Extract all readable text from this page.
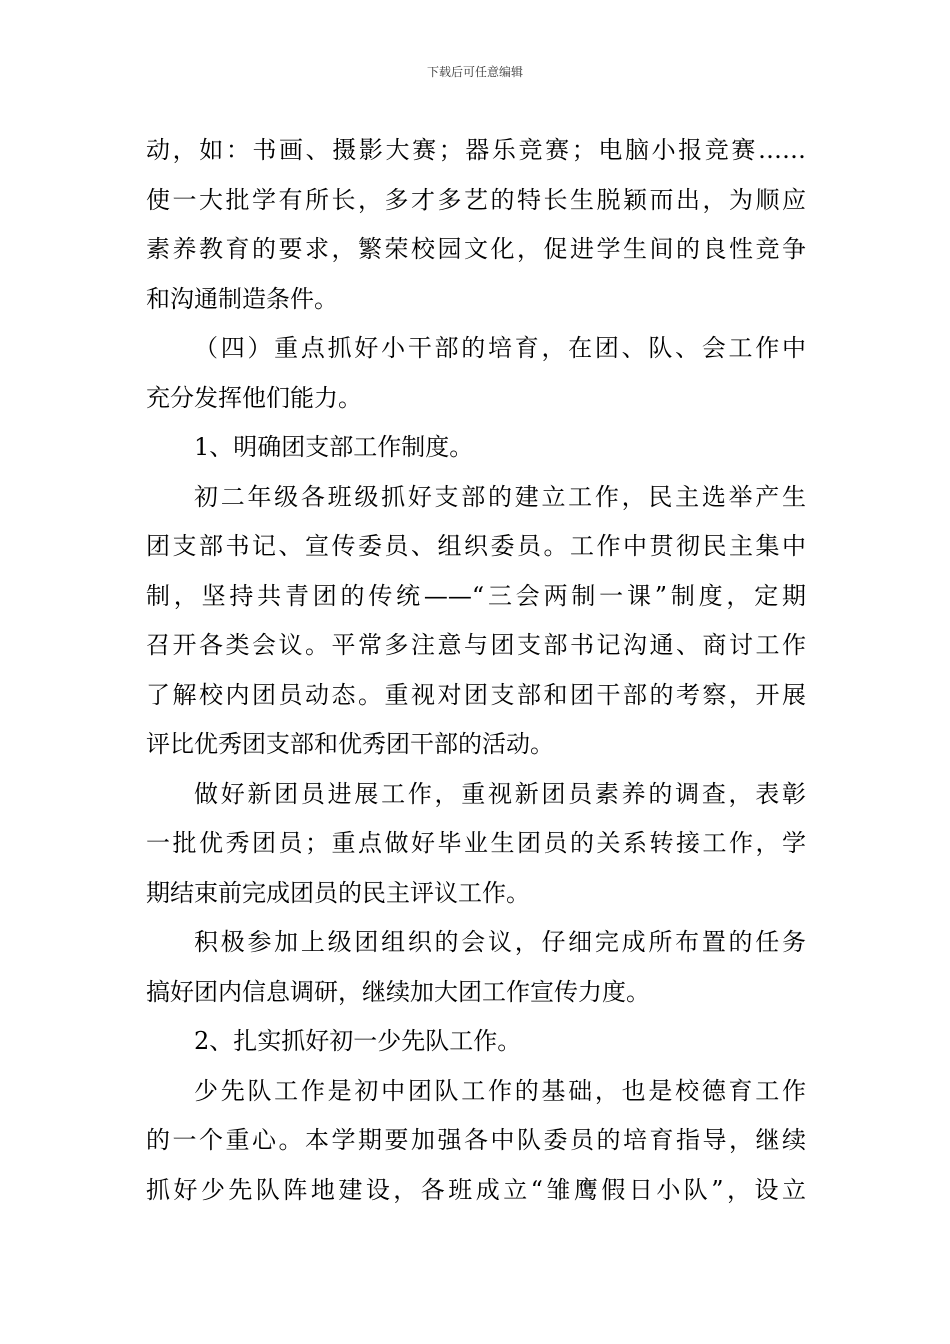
下载后可任意编辑
动，如：书画、摄影大赛；器乐竞赛；电脑小报竞赛……
使一大批学有所长，多才多艺的特长生脱颖而出，为顺应
素养教育的要求，繁荣校园文化，促进学生间的良性竞争
和沟通制造条件。
（四）重点抓好小干部的培育，在团、队、会工作中
充分发挥他们能力。
1、明确团支部工作制度。
初二年级各班级抓好支部的建立工作，民主选举产生
团支部书记、宣传委员、组织委员。工作中贯彻民主集中
制，坚持共青团的传统——“三会两制一课”制度，定期
召开各类会议。平常多注意与团支部书记沟通、商讨工作
了解校内团员动态。重视对团支部和团干部的考察，开展
评比优秀团支部和优秀团干部的活动。
做好新团员进展工作，重视新团员素养的调查，表彰
一批优秀团员；重点做好毕业生团员的关系转接工作，学
期结束前完成团员的民主评议工作。
积极参加上级团组织的会议，仔细完成所布置的任务
搞好团内信息调研，继续加大团工作宣传力度。
2、扎实抓好初一少先队工作。
少先队工作是初中团队工作的基础，也是校德育工作
的一个重心。本学期要加强各中队委员的培育指导，继续
抓好少先队阵地建设，各班成立“雏鹰假日小队”，设立
